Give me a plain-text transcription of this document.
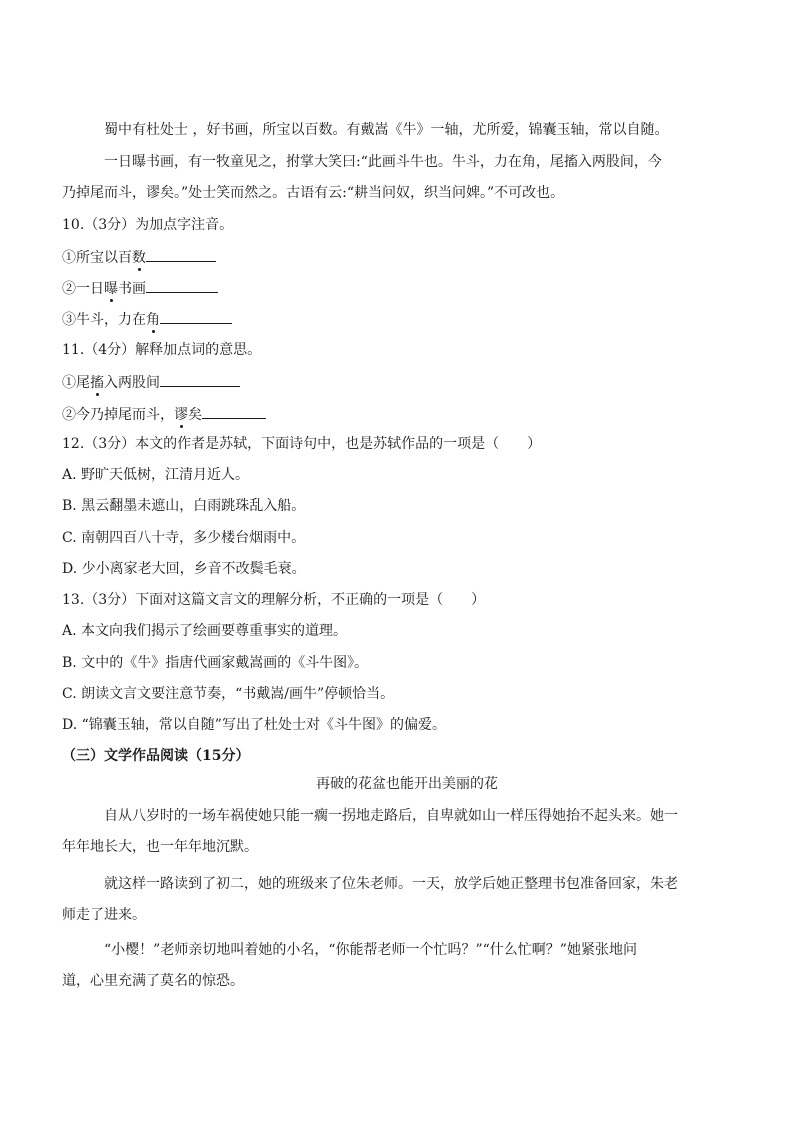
蜀中有杜处士 ，好书画，所宝以百数。有戴嵩《牛》一轴，尤所爱，锦囊玉轴，常以自随。
一日曝书画，有一牧童见之，拊掌大笑曰:“此画斗牛也。牛斗，力在角，尾搐入两股间，今
乃掉尾而斗，谬矣。”处士笑而然之。古语有云:“耕当问奴，织当问婢。”不可改也。
10.（3分）为加点字注音。
①所宝以百数
②一日曝书画
③牛斗，力在角
11.（4分）解释加点词的意思。
①尾搐入两股间
②今乃掉尾而斗，谬矣
12.（3分）本文的作者是苏轼，下面诗句中，也是苏轼作品的一项是（　　）
A. 野旷天低树，江清月近人。
B. 黑云翻墨未遮山，白雨跳珠乱入船。
C. 南朝四百八十寺，多少楼台烟雨中。
D. 少小离家老大回，乡音不改鬓毛衰。
13.（3分）下面对这篇文言文的理解分析，不正确的一项是（　　）
A. 本文向我们揭示了绘画要尊重事实的道理。
B. 文中的《牛》指唐代画家戴嵩画的《斗牛图》。
C. 朗读文言文要注意节奏，“书戴嵩/画牛”停顿恰当。
D. “锦囊玉轴，常以自随”写出了杜处士对《斗牛图》的偏爱。
（三）文学作品阅读（15分）
再破的花盆也能开出美丽的花
自从八岁时的一场车祸使她只能一瘸一拐地走路后，自卑就如山一样压得她抬不起头来。她一
年年地长大，也一年年地沉默。
就这样一路读到了初二，她的班级来了位朱老师。一天，放学后她正整理书包准备回家，朱老
师走了进来。
“小樱！”老师亲切地叫着她的小名，“你能帮老师一个忙吗？”“什么忙啊？”她紧张地问
道，心里充满了莫名的惊恐。
